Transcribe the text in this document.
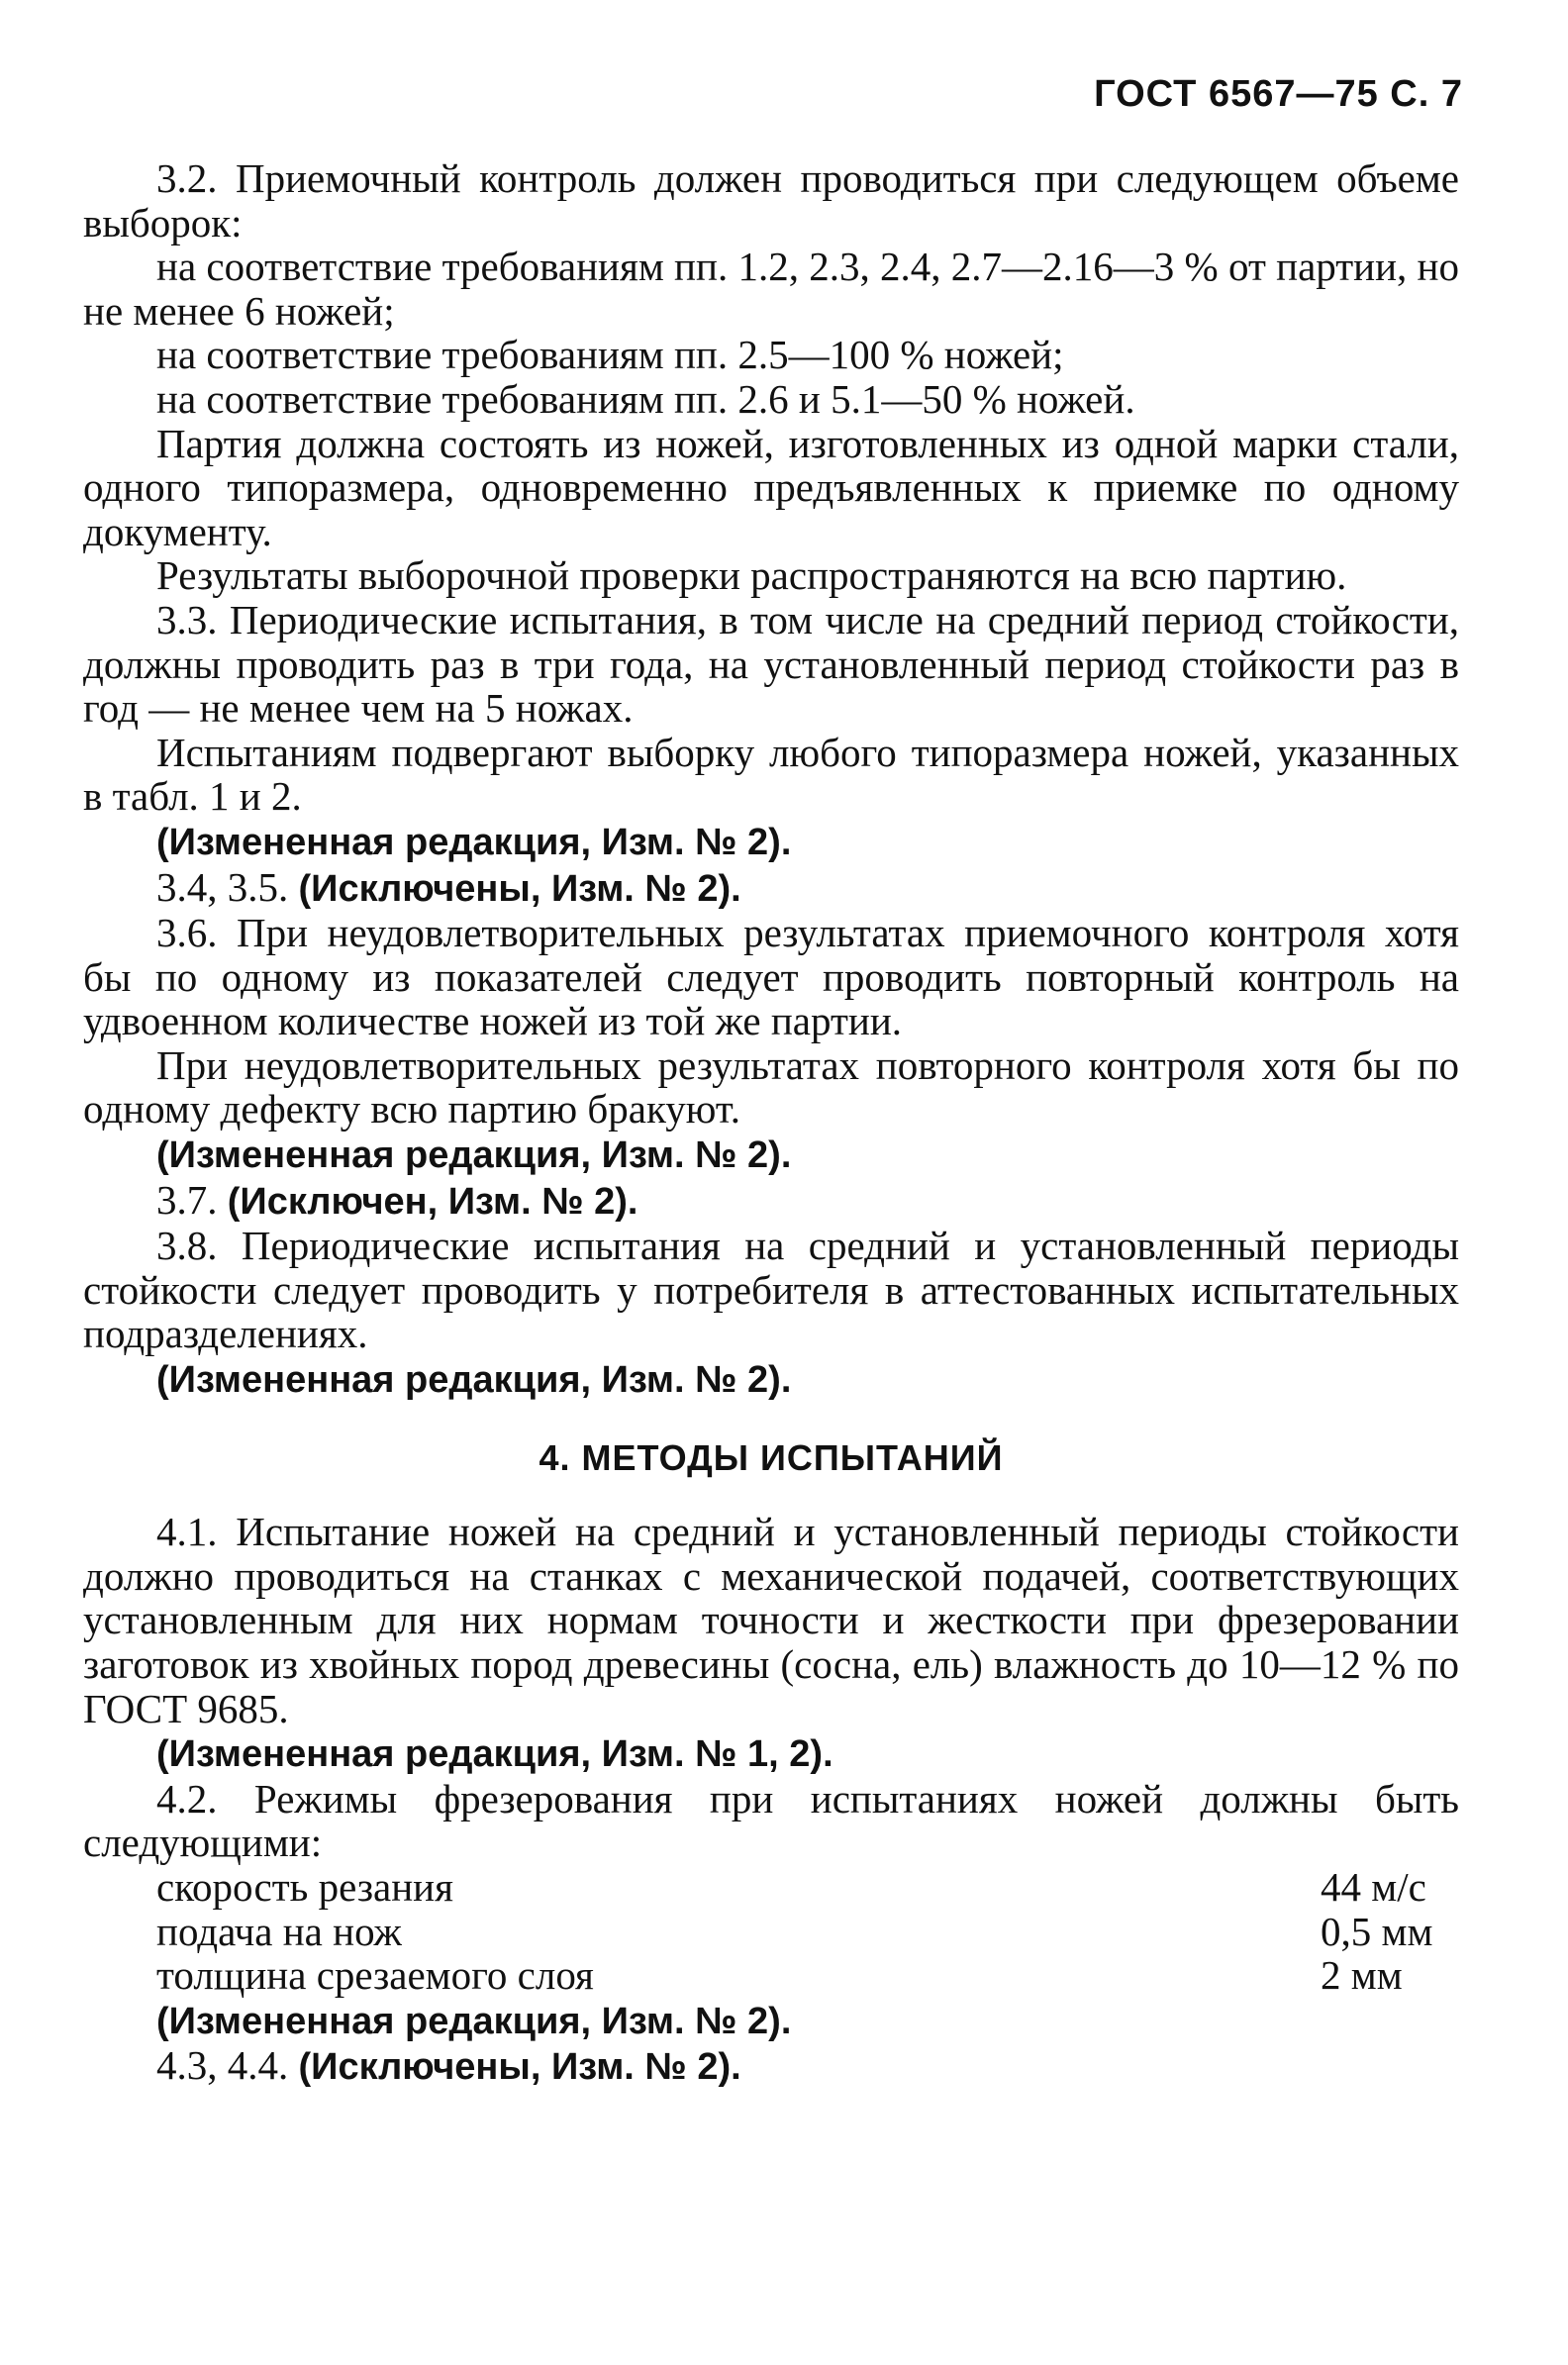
ГОСТ 6567—75 С. 7

3.2. Приемочный контроль должен проводиться при следующем объеме выборок:

на соответствие требованиям пп. 1.2, 2.3, 2.4, 2.7—2.16—3 % от партии, но не менее 6 ножей;

на соответствие требованиям пп. 2.5—100 % ножей;

на соответствие требованиям пп. 2.6 и 5.1—50 % ножей.

Партия должна состоять из ножей, изготовленных из одной марки стали, одного типоразмера, одновременно предъявленных к приемке по одному документу.

Результаты выборочной проверки распространяются на всю партию.

3.3. Периодические испытания, в том числе на средний период стойкости, должны проводить раз в три года, на установленный период стойкости раз в год — не менее чем на 5 ножах.

Испытаниям подвергают выборку любого типоразмера ножей, указанных в табл. 1 и 2.

(Измененная редакция, Изм. № 2).

3.4, 3.5. (Исключены, Изм. № 2).

3.6. При неудовлетворительных результатах приемочного контроля хотя бы по одному из показателей следует проводить повторный контроль на удвоенном количестве ножей из той же партии.

При неудовлетворительных результатах повторного контроля хотя бы по одному дефекту всю партию бракуют.

(Измененная редакция, Изм. № 2).

3.7. (Исключен, Изм. № 2).

3.8. Периодические испытания на средний и установленный периоды стойкости следует проводить у потребителя в аттестованных испытательных подразделениях.

(Измененная редакция, Изм. № 2).

4. МЕТОДЫ ИСПЫТАНИЙ

4.1. Испытание ножей на средний и установленный периоды стойкости должно проводиться на станках с механической подачей, соответствующих установленным для них нормам точности и жесткости при фрезеровании заготовок из хвойных пород древесины (сосна, ель) влажность до 10—12 % по ГОСТ 9685.

(Измененная редакция, Изм. № 1, 2).

4.2. Режимы фрезерования при испытаниях ножей должны быть следующими:

скорость резания	44 м/с
подача на нож	0,5 мм
толщина срезаемого слоя	2 мм

(Измененная редакция, Изм. № 2).

4.3, 4.4. (Исключены, Изм. № 2).
